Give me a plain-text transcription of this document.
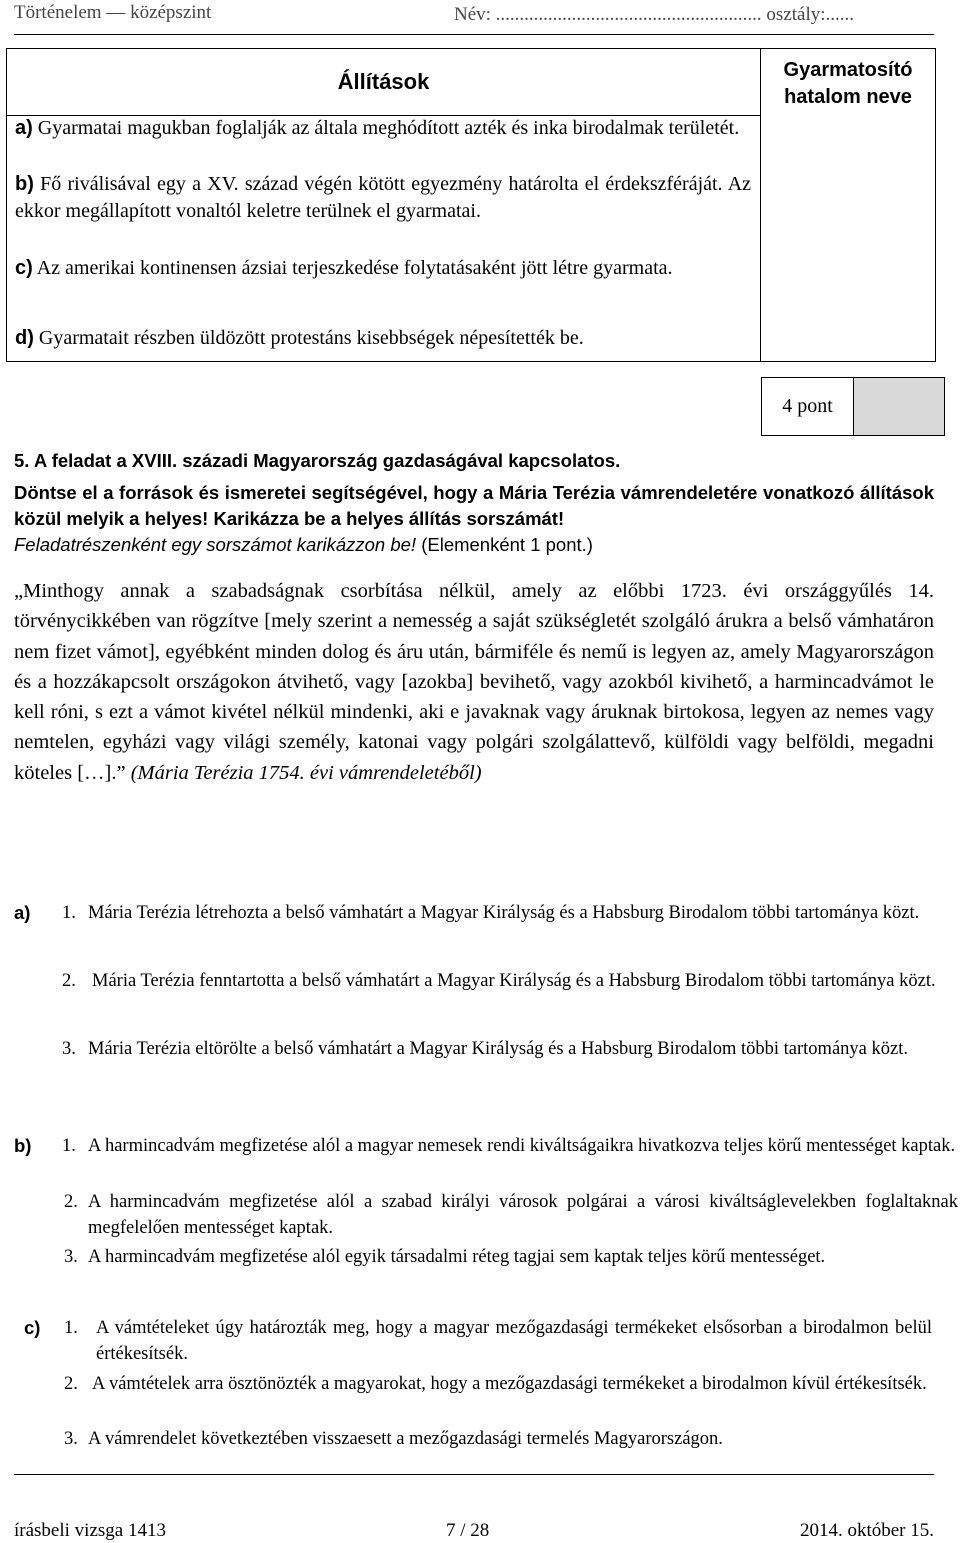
Történelem — középszint	Név: ........................................................ osztály:......
Állítások	Gyarmatosító
hatalom neve
a) Gyarmatai magukban foglalják az általa meghódított azték és inka birodalmak területét.
b) Fő riválisával egy a XV. század végén kötött egyezmény határolta el érdekszféráját. Az ekkor megállapított vonaltól keletre terülnek el gyarmatai.
c) Az amerikai kontinensen ázsiai terjeszkedése folytatásaként jött létre gyarmata.
d) Gyarmatait részben üldözött protestáns kisebbségek népesítették be.
4 pont
5. A feladat a XVIII. századi Magyarország gazdaságával kapcsolatos.
Döntse el a források és ismeretei segítségével, hogy a Mária Terézia vámrendeletére vonatkozó állítások közül melyik a helyes! Karikázza be a helyes állítás sorszámát!
Feladatrészenként egy sorszámot karikázzon be! (Elemenként 1 pont.)
„Minthogy annak a szabadságnak csorbítása nélkül, amely az előbbi 1723. évi országgyűlés 14. törvénycikkében van rögzítve [mely szerint a nemesség a saját szükségletét szolgáló árukra a belső vámhatáron nem fizet vámot], egyébként minden dolog és áru után, bármiféle és nemű is legyen az, amely Magyarországon és a hozzákapcsolt országokon átvihető, vagy [azokba] bevihető, vagy azokból kivihető, a harmincadvámot le kell róni, s ezt a vámot kivétel nélkül mindenki, aki e javaknak vagy áruknak birtokosa, legyen az nemes vagy nemtelen, egyházi vagy világi személy, katonai vagy polgári szolgálattevő, külföldi vagy belföldi, megadni köteles […].” (Mária Terézia 1754. évi vámrendeletéből)
a) 1. Mária Terézia létrehozta a belső vámhatárt a Magyar Királyság és a Habsburg Birodalom többi tartománya közt.
2. Mária Terézia fenntartotta a belső vámhatárt a Magyar Királyság és a Habsburg Birodalom többi tartománya közt.
3. Mária Terézia eltörölte a belső vámhatárt a Magyar Királyság és a Habsburg Birodalom többi tartománya közt.
b) 1. A harmincadvám megfizetése alól a magyar nemesek rendi kiváltságaikra hivatkozva teljes körű mentességet kaptak.
2. A harmincadvám megfizetése alól a szabad királyi városok polgárai a városi kiváltságlevelekben foglaltaknak megfelelően mentességet kaptak.
3. A harmincadvám megfizetése alól egyik társadalmi réteg tagjai sem kaptak teljes körű mentességet.
c) 1. A vámtételeket úgy határozták meg, hogy a magyar mezőgazdasági termékeket elsősorban a birodalmon belül értékesítsék.
2. A vámtételek arra ösztönözték a magyarokat, hogy a mezőgazdasági termékeket a birodalmon kívül értékesítsék.
3. A vámrendelet következtében visszaesett a mezőgazdasági termelés Magyarországon.
írásbeli vizsga 1413	7 / 28	2014. október 15.
